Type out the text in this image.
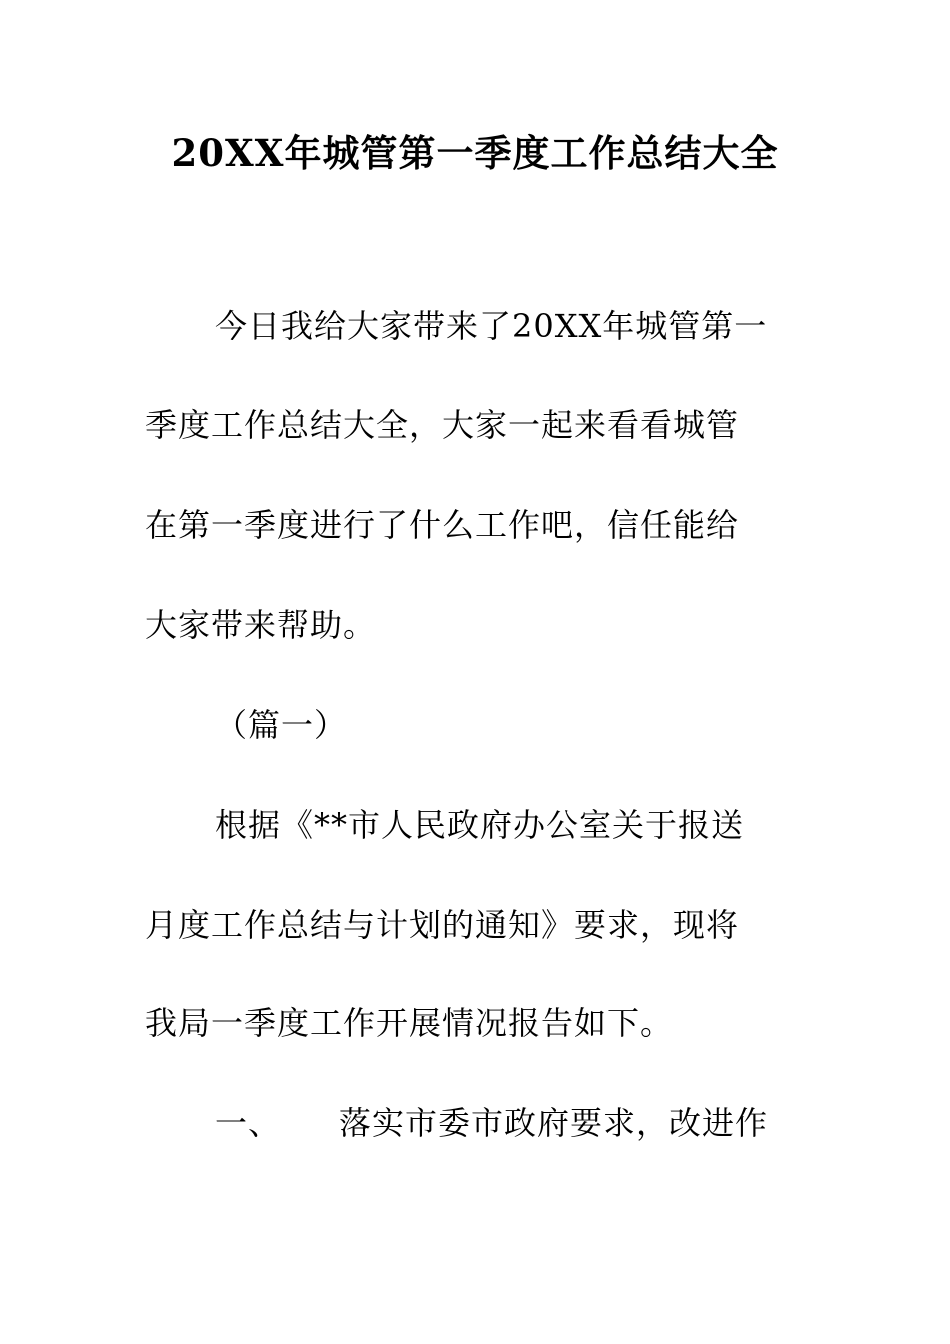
20XX年城管第一季度工作总结大全
今日我给大家带来了20XX年城管第一
季度工作总结大全，大家一起来看看城管
在第一季度进行了什么工作吧，信任能给
大家带来帮助。
（篇一）
根据《**市人民政府办公室关于报送
月度工作总结与计划的通知》要求，现将
我局一季度工作开展情况报告如下。
一、 落实市委市政府要求，改进作
